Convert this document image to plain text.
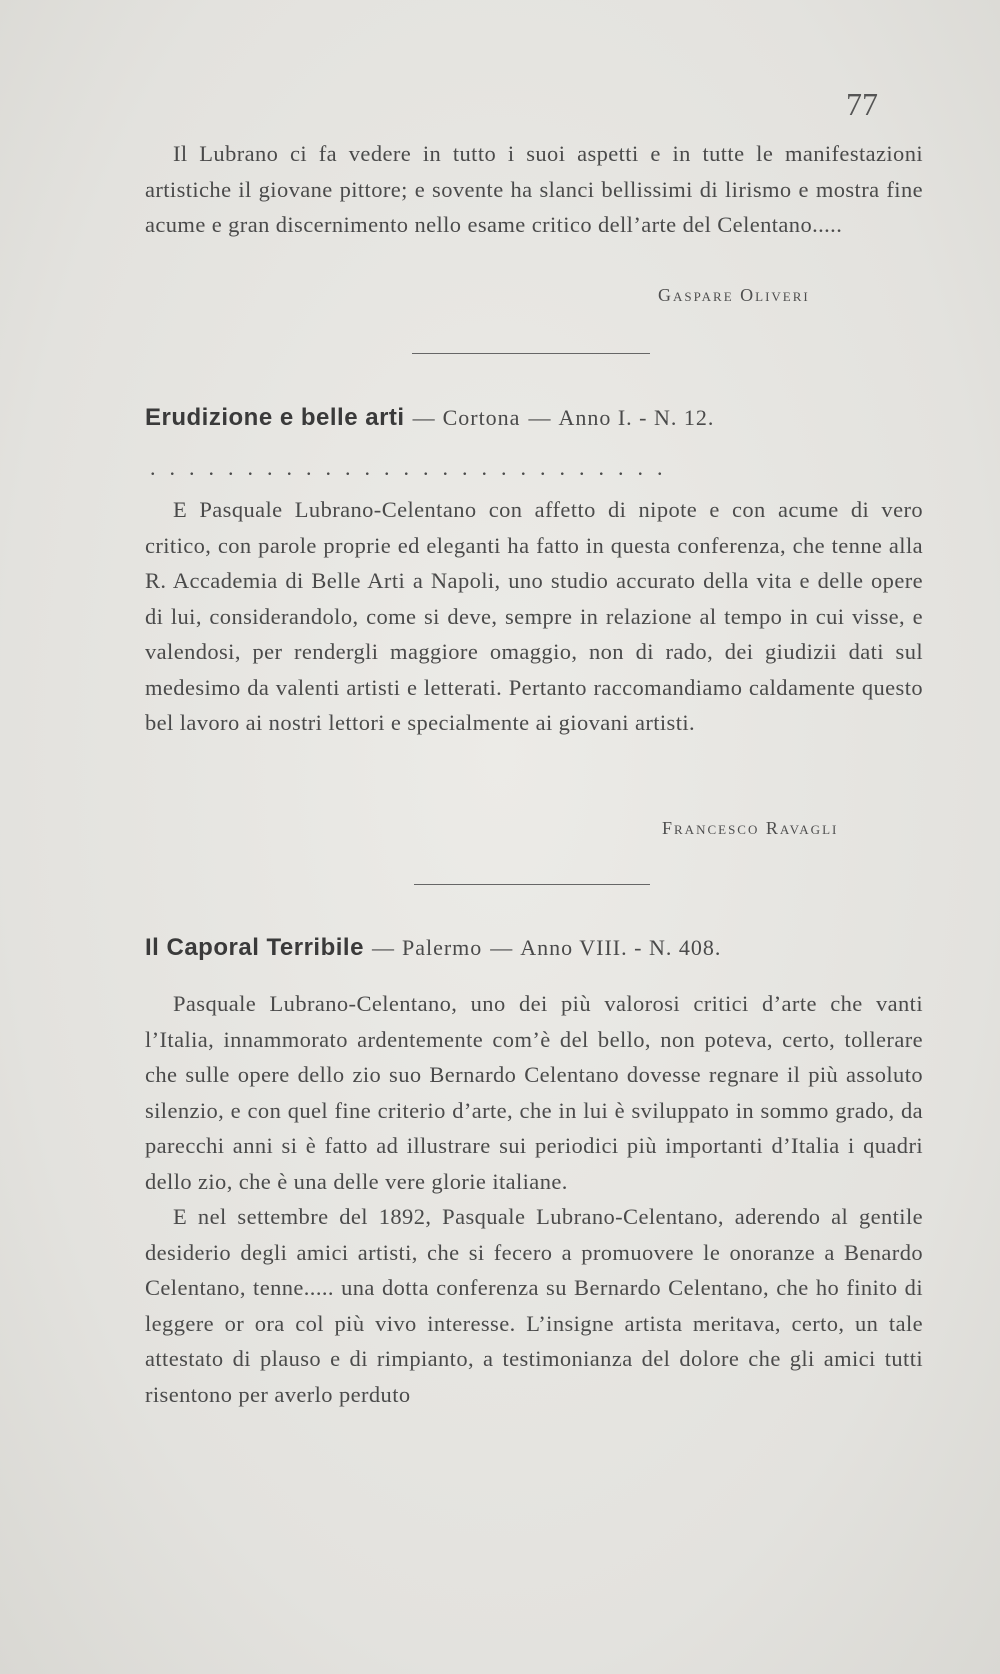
77

Il Lubrano ci fa vedere in tutto i suoi aspetti e in tutte le manifestazioni artistiche il giovane pittore; e sovente ha slanci bellissimi di lirismo e mostra fine acume e gran discernimento nello esame critico dell’arte del Celentano.....

Gaspare Oliveri
Erudizione e belle arti — Cortona — Anno I. - N. 12.
...........................

E Pasquale Lubrano-Celentano con affetto di nipote e con acume di vero critico, con parole proprie ed eleganti ha fatto in questa conferenza, che tenne alla R. Accademia di Belle Arti a Napoli, uno studio accurato della vita e delle opere di lui, considerandolo, come si deve, sempre in relazione al tempo in cui visse, e valendosi, per rendergli maggiore omaggio, non di rado, dei giudizii dati sul medesimo da valenti artisti e letterati. Pertanto raccomandiamo caldamente questo bel lavoro ai nostri lettori e specialmente ai giovani artisti.

Francesco Ravagli
Il Caporal Terribile — Palermo — Anno VIII. - N. 408.

Pasquale Lubrano-Celentano, uno dei più valorosi critici d’arte che vanti l’Italia, innammorato ardentemente com’è del bello, non poteva, certo, tollerare che sulle opere dello zio suo Bernardo Celentano dovesse regnare il più assoluto silenzio, e con quel fine criterio d’arte, che in lui è sviluppato in sommo grado, da parecchi anni si è fatto ad illustrare sui periodici più importanti d’Italia i quadri dello zio, che è una delle vere glorie italiane.

E nel settembre del 1892, Pasquale Lubrano-Celentano, aderendo al gentile desiderio degli amici artisti, che si fecero a promuovere le onoranze a Benardo Celentano, tenne..... una dotta conferenza su Bernardo Celentano, che ho finito di leggere or ora col più vivo interesse. L’insigne artista meritava, certo, un tale attestato di plauso e di rimpianto, a testimonianza del dolore che gli amici tutti risentono per averlo perduto
